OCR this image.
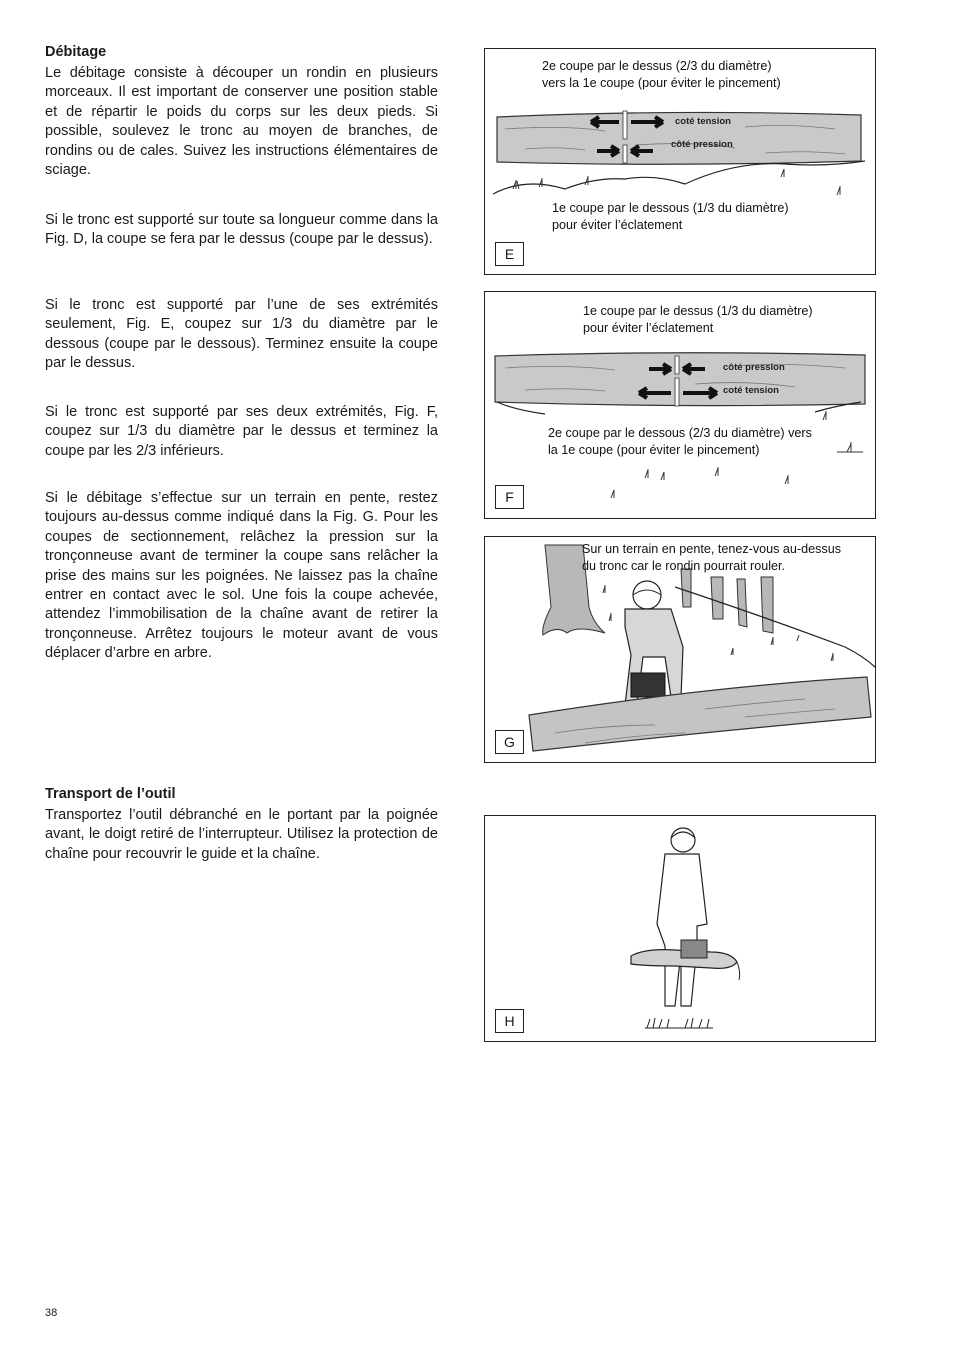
Débitage

Le débitage consiste à découper un rondin en plusieurs morceaux. Il est important de conserver une position stable et de répartir le poids du corps sur les deux pieds. Si possible, soulevez le tronc au moyen de branches, de rondins ou de cales. Suivez les instructions élémentaires de sciage.

Si le tronc est supporté sur toute sa longueur comme dans la Fig. D, la coupe se fera par le dessus (coupe par le dessus).

Si le tronc est supporté par l’une de ses extrémités seulement, Fig. E, coupez sur 1/3 du diamètre par le dessous (coupe par le dessous). Terminez ensuite la coupe par le dessus.

Si le tronc est supporté par ses deux extrémités, Fig. F, coupez sur 1/3 du diamètre par le dessus et terminez la coupe par les 2/3 inférieurs.

Si le débitage s’effectue sur un terrain en pente, restez toujours au-dessus comme indiqué dans la Fig. G. Pour les coupes de sectionnement, relâchez la pression sur la tronçonneuse avant de terminer la coupe sans relâcher la prise des mains sur les poignées. Ne laissez pas la chaîne entrer en contact avec le sol. Une fois la coupe achevée, attendez l’immobilisation de la chaîne avant de retirer la tronçonneuse. Arrêtez toujours le moteur avant de vous déplacer d’arbre en arbre.

Transport de l’outil

Transportez l’outil débranché en le portant par la poignée avant, le doigt retiré de l’interrupteur. Utilisez la protection de chaîne pour recouvrir le guide et la chaîne.

2e coupe par le dessus (2/3 du diamètre)
vers la 1e coupe (pour éviter le pincement)
coté tension
côté pression
1e coupe par le dessous (1/3 du diamètre)
pour éviter l’éclatement
E
1e coupe par le dessus (1/3 du diamètre)
pour éviter l’éclatement
côté pression
coté tension
2e coupe par le dessous (2/3 du diamètre) vers
la 1e coupe (pour éviter le pincement)
F
Sur un terrain en pente, tenez-vous au-dessus
du tronc car le rondin pourrait rouler.
G
H
38
